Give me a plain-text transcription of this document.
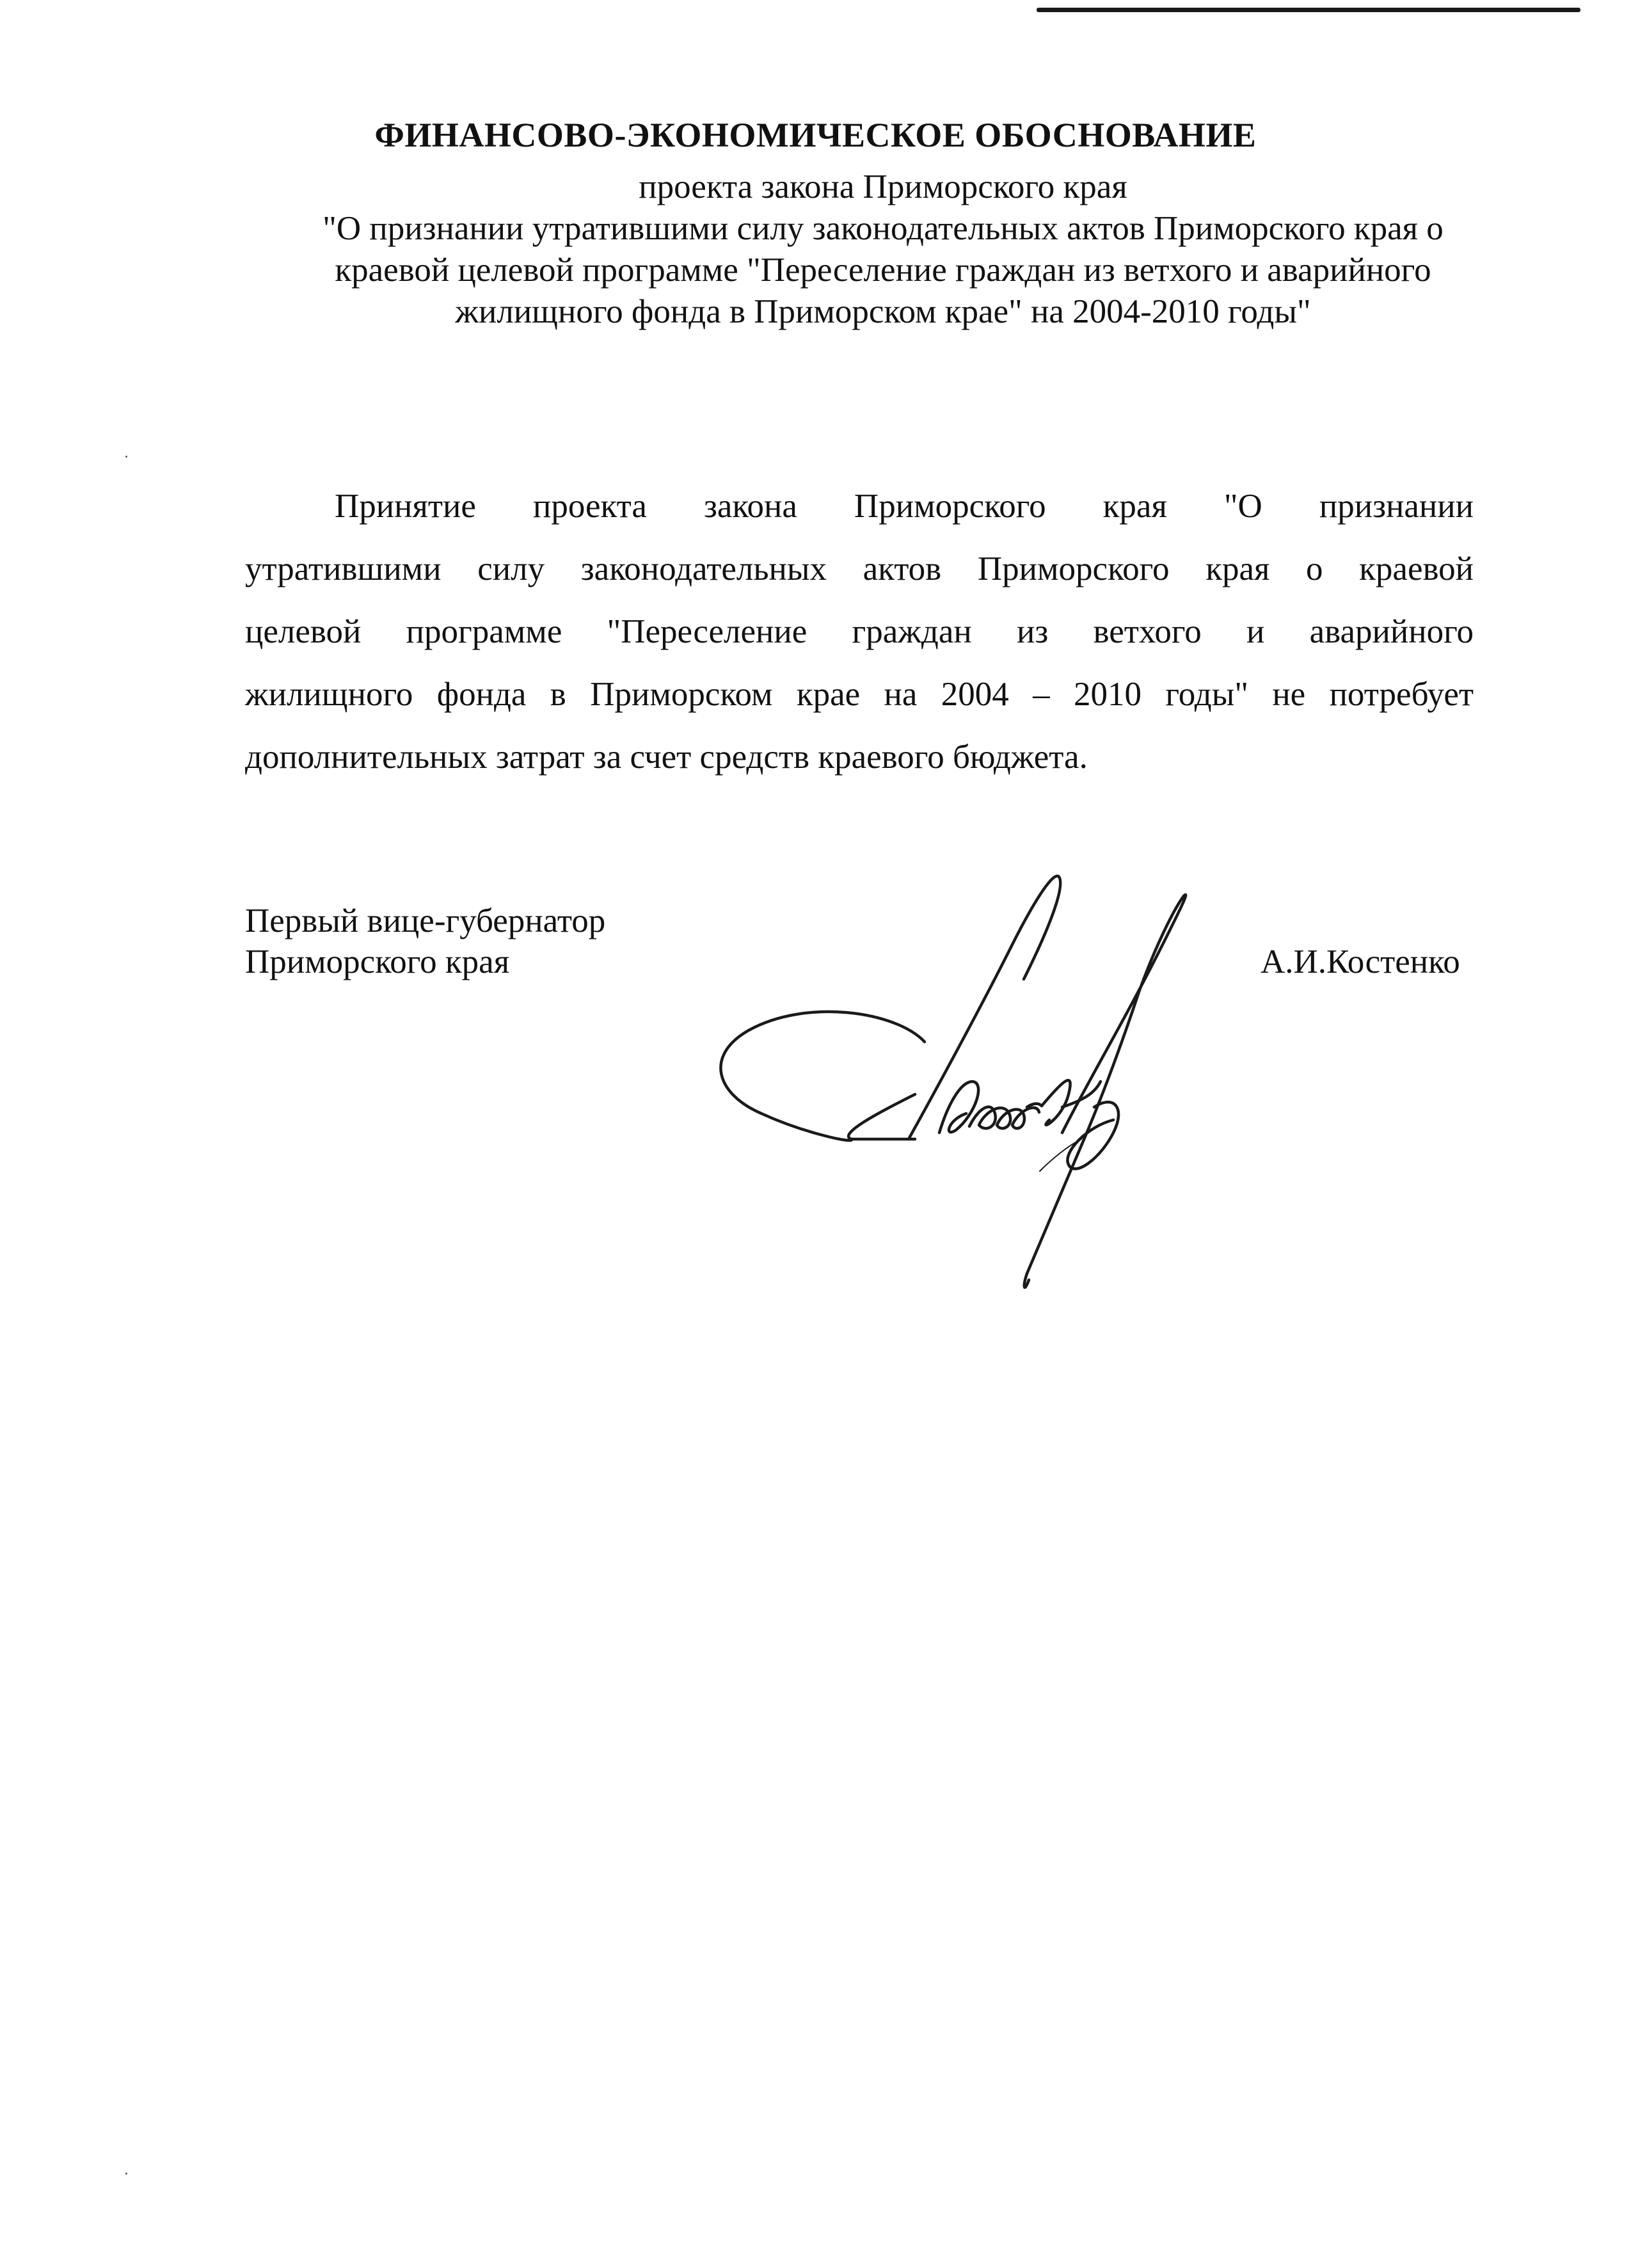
ФИНАНСОВО-ЭКОНОМИЧЕСКОЕ ОБОСНОВАНИЕ
проекта закона Приморского края
"О признании утратившими силу законодательных актов Приморского края о
краевой целевой программе "Переселение граждан из ветхого и аварийного
жилищного фонда в Приморском крае" на 2004-2010 годы"
Принятие проекта закона Приморского края "О признании
утратившими силу законодательных актов Приморского края о краевой
целевой программе "Переселение граждан из ветхого и аварийного
жилищного фонда в Приморском крае на 2004 – 2010 годы" не потребует
дополнительных затрат за счет средств краевого бюджета.
Первый вице-губернатор
Приморского края	А.И.Костенко
